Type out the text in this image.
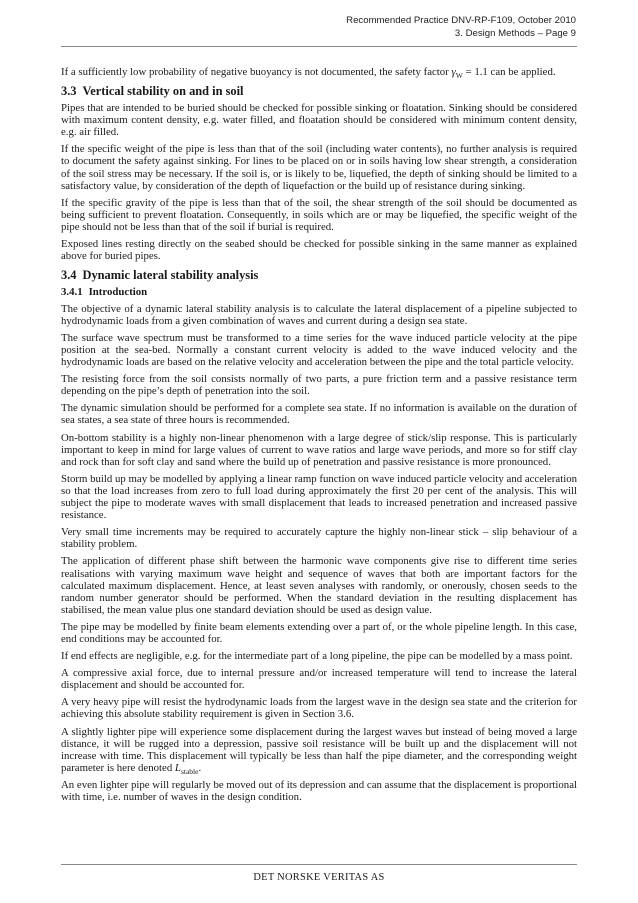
Recommended Practice DNV-RP-F109, October 2010
3. Design Methods – Page 9

If a sufficiently low probability of negative buoyancy is not documented, the safety factor $\gamma_W = 1.1$ can be applied.

3.3 Vertical stability on and in soil

Pipes that are intended to be buried should be checked for possible sinking or floatation. Sinking should be considered with maximum content density, e.g. water filled, and floatation should be considered with minimum content density, e.g. air filled.

If the specific weight of the pipe is less than that of the soil (including water contents), no further analysis is required to document the safety against sinking. For lines to be placed on or in soils having low shear strength, a consideration of the soil stress may be necessary. If the soil is, or is likely to be, liquefied, the depth of sinking should be limited to a satisfactory value, by consideration of the depth of liquefaction or the build up of resistance during sinking.

If the specific gravity of the pipe is less than that of the soil, the shear strength of the soil should be documented as being sufficient to prevent floatation. Consequently, in soils which are or may be liquefied, the specific weight of the pipe should not be less than that of the soil if burial is required.

Exposed lines resting directly on the seabed should be checked for possible sinking in the same manner as explained above for buried pipes.

3.4 Dynamic lateral stability analysis
3.4.1 Introduction

The objective of a dynamic lateral stability analysis is to calculate the lateral displacement of a pipeline subjected to hydrodynamic loads from a given combination of waves and current during a design sea state.

The surface wave spectrum must be transformed to a time series for the wave induced particle velocity at the pipe position at the sea-bed. Normally a constant current velocity is added to the wave induced velocity and the hydrodynamic loads are based on the relative velocity and acceleration between the pipe and the total particle velocity.

The resisting force from the soil consists normally of two parts, a pure friction term and a passive resistance term depending on the pipe’s depth of penetration into the soil.

The dynamic simulation should be performed for a complete sea state. If no information is available on the duration of sea states, a sea state of three hours is recommended.

On-bottom stability is a highly non-linear phenomenon with a large degree of stick/slip response. This is particularly important to keep in mind for large values of current to wave ratios and large wave periods, and more so for stiff clay and rock than for soft clay and sand where the build up of penetration and passive resistance is more pronounced.

Storm build up may be modelled by applying a linear ramp function on wave induced particle velocity and acceleration so that the load increases from zero to full load during approximately the first 20 per cent of the analysis. This will subject the pipe to moderate waves with small displacement that leads to increased penetration and increased passive resistance.

Very small time increments may be required to accurately capture the highly non-linear stick – slip behaviour of a stability problem.

The application of different phase shift between the harmonic wave components give rise to different time series realisations with varying maximum wave height and sequence of waves that both are important factors for the calculated maximum displacement. Hence, at least seven analyses with randomly, or onerously, chosen seeds to the random number generator should be performed. When the standard deviation in the resulting displacement has stabilised, the mean value plus one standard deviation should be used as design value.

The pipe may be modelled by finite beam elements extending over a part of, or the whole pipeline length. In this case, end conditions may be accounted for.

If end effects are negligible, e.g. for the intermediate part of a long pipeline, the pipe can be modelled by a mass point.

A compressive axial force, due to internal pressure and/or increased temperature will tend to increase the lateral displacement and should be accounted for.

A very heavy pipe will resist the hydrodynamic loads from the largest wave in the design sea state and the criterion for achieving this absolute stability requirement is given in Section 3.6.

A slightly lighter pipe will experience some displacement during the largest waves but instead of being moved a large distance, it will be rugged into a depression, passive soil resistance will be built up and the displacement will not increase with time. This displacement will typically be less than half the pipe diameter, and the corresponding weight parameter is here denoted $L_{stable}$.

An even lighter pipe will regularly be moved out of its depression and can assume that the displacement is proportional with time, i.e. number of waves in the design condition.

DET NORSKE VERITAS AS
